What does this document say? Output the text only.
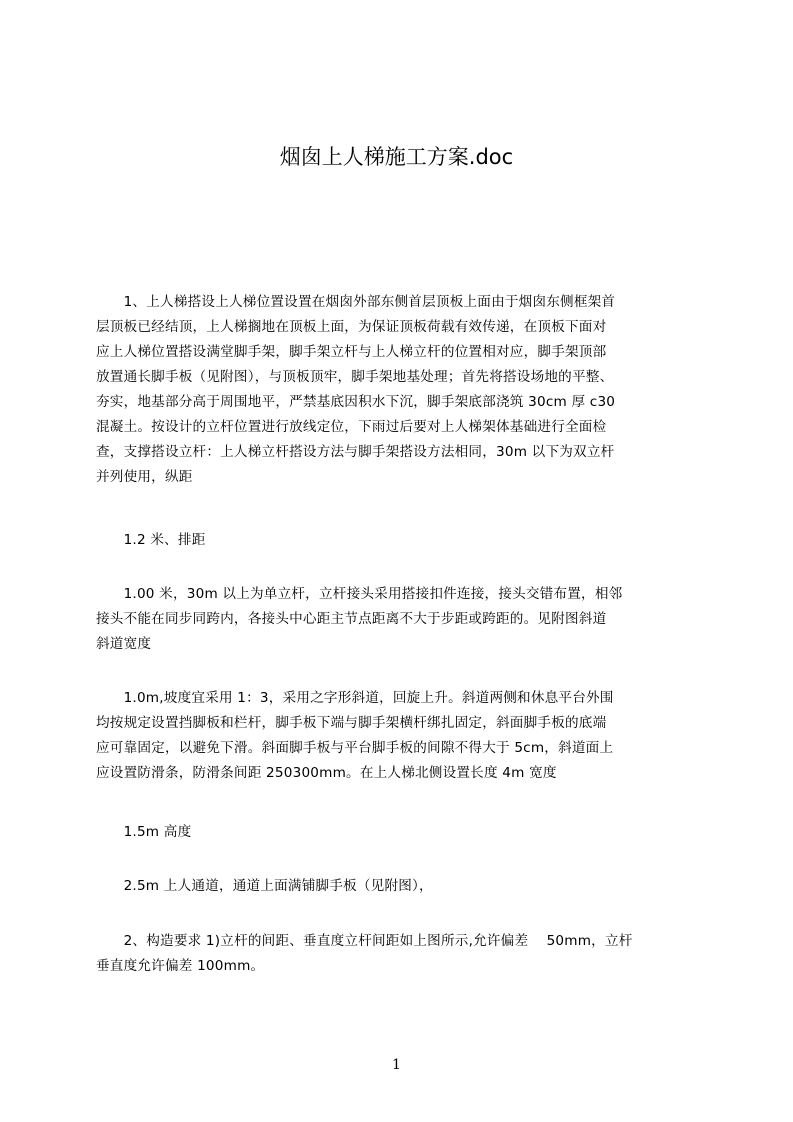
烟囱上人梯施工方案.doc

　　1、上人梯搭设上人梯位置设置在烟囱外部东侧首层顶板上面由于烟囱东侧框架首
层顶板已经结顶，上人梯搁地在顶板上面，为保证顶板荷载有效传递，在顶板下面对
应上人梯位置搭设满堂脚手架，脚手架立杆与上人梯立杆的位置相对应，脚手架顶部
放置通长脚手板（见附图），与顶板顶牢，脚手架地基处理；首先将搭设场地的平整、
夯实，地基部分高于周围地平，严禁基底因积水下沉，脚手架底部浇筑 30cm 厚 c30
混凝土。按设计的立杆位置进行放线定位，下雨过后要对上人梯架体基础进行全面检
查，支撑搭设立杆：上人梯立杆搭设方法与脚手架搭设方法相同，30m 以下为双立杆
并列使用，纵距

　　1.2 米、排距

　　1.00 米，30m 以上为单立杆，立杆接头采用搭接扣件连接，接头交错布置，相邻
接头不能在同步同跨内，各接头中心距主节点距离不大于步距或跨距的。见附图斜道
斜道宽度

　　1.0m,坡度宜采用 1：3，采用之字形斜道，回旋上升。斜道两侧和休息平台外围
均按规定设置挡脚板和栏杆，脚手板下端与脚手架横杆绑扎固定，斜面脚手板的底端
应可靠固定，以避免下滑。斜面脚手板与平台脚手板的间隙不得大于 5cm，斜道面上
应设置防滑条，防滑条间距 250300mm。在上人梯北侧设置长度 4m 宽度

　　1.5m 高度

　　2.5m 上人通道，通道上面满铺脚手板（见附图），

　　2、构造要求 1)立杆的间距、垂直度立杆间距如上图所示,允许偏差　 50mm，立杆
垂直度允许偏差 100mm。

1
